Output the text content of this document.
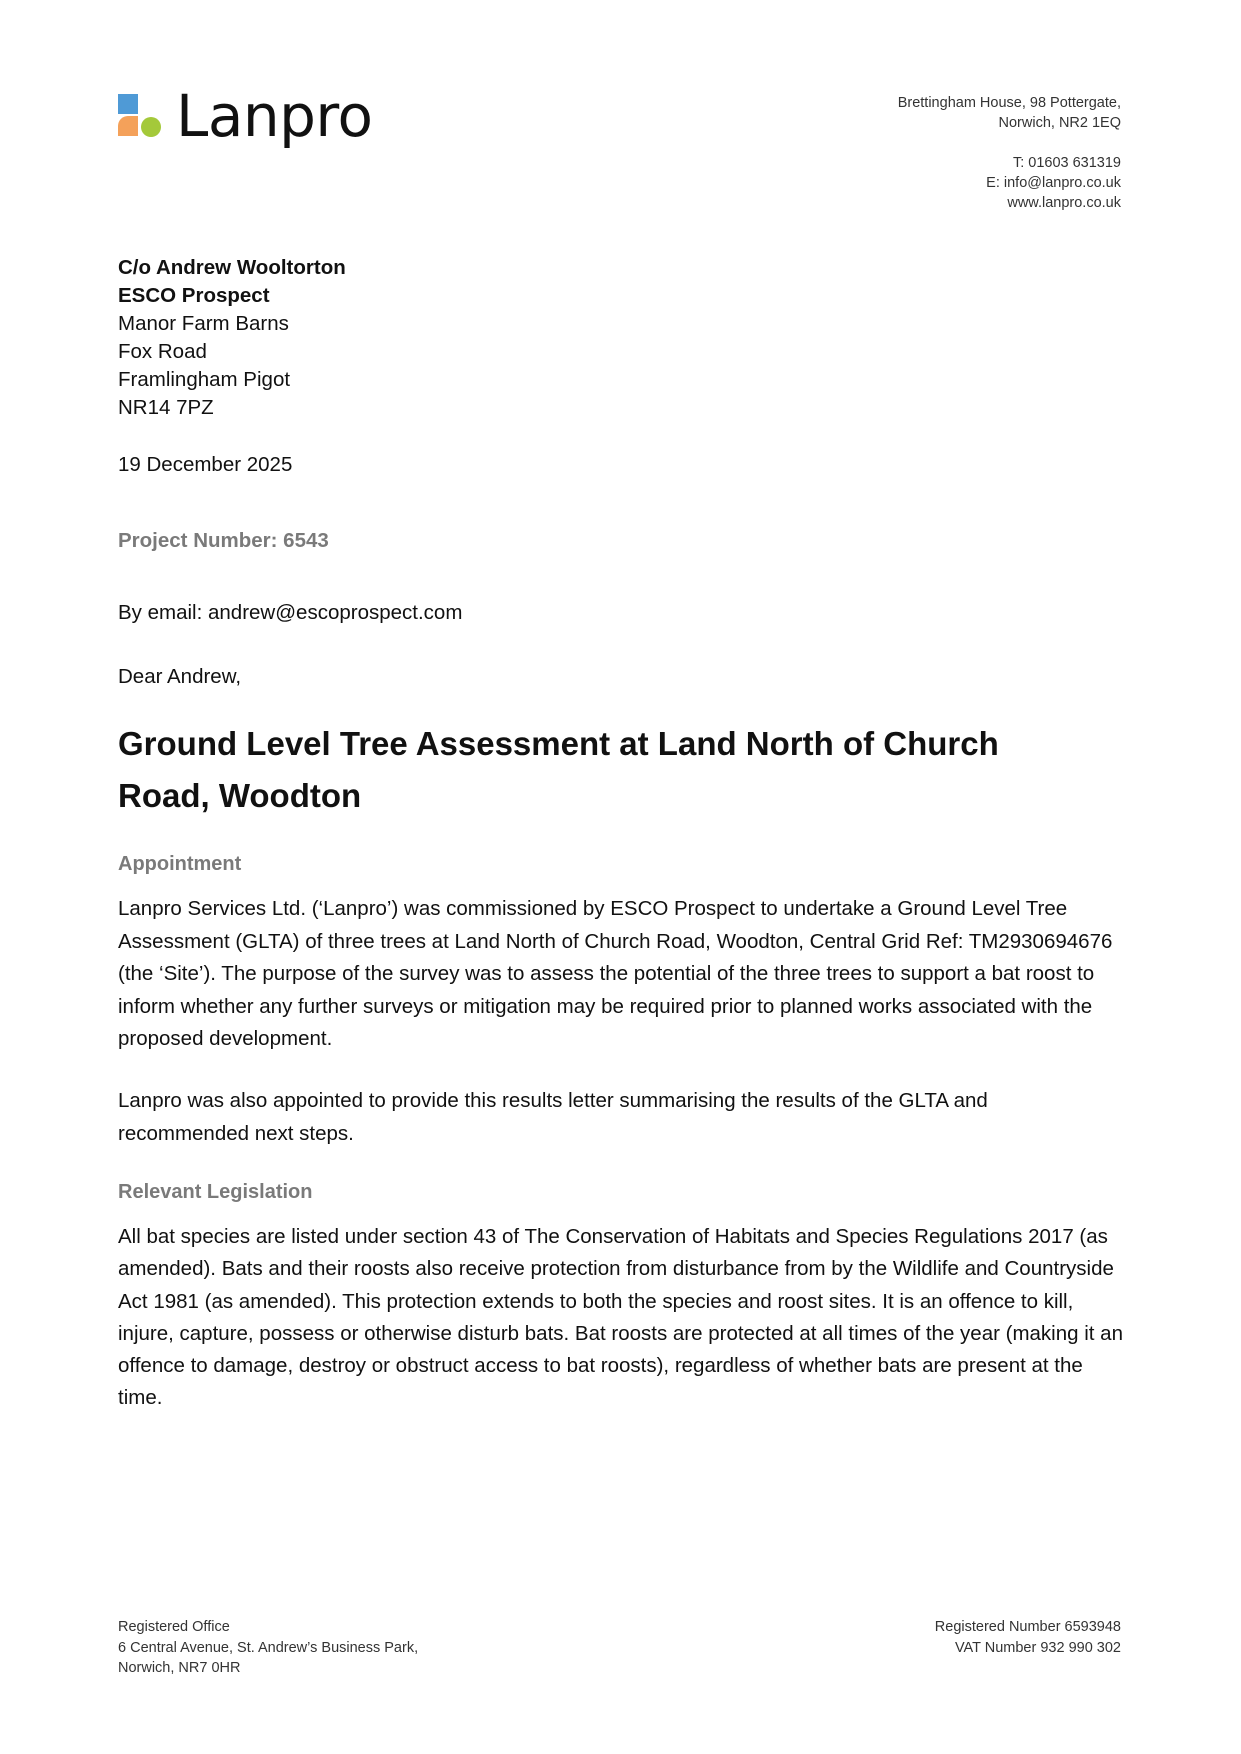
Lanpro	Brettingham House, 98 Pottergate,
Norwich, NR2 1EQ
T: 01603 631319
E: info@lanpro.co.uk
www.lanpro.co.uk
C/o Andrew Wooltorton
ESCO Prospect
Manor Farm Barns
Fox Road
Framlingham Pigot
NR14 7PZ
19 December 2025
Project Number: 6543
By email: andrew@escoprospect.com
Dear Andrew,
Ground Level Tree Assessment at Land North of Church Road, Woodton
Appointment

Lanpro Services Ltd. (‘Lanpro’) was commissioned by ESCO Prospect to undertake a Ground Level Tree Assessment (GLTA) of three trees at Land North of Church Road, Woodton, Central Grid Ref: TM2930694676 (the ‘Site’). The purpose of the survey was to assess the potential of the three trees to support a bat roost to inform whether any further surveys or mitigation may be required prior to planned works associated with the proposed development.

Lanpro was also appointed to provide this results letter summarising the results of the GLTA and recommended next steps.

Relevant Legislation

All bat species are listed under section 43 of The Conservation of Habitats and Species Regulations 2017 (as amended). Bats and their roosts also receive protection from disturbance from by the Wildlife and Countryside Act 1981 (as amended). This protection extends to both the species and roost sites. It is an offence to kill, injure, capture, possess or otherwise disturb bats. Bat roosts are protected at all times of the year (making it an offence to damage, destroy or obstruct access to bat roosts), regardless of whether bats are present at the time.

Registered Office
6 Central Avenue, St. Andrew’s Business Park,
Norwich, NR7 0HR
Registered Number 6593948
VAT Number 932 990 302
